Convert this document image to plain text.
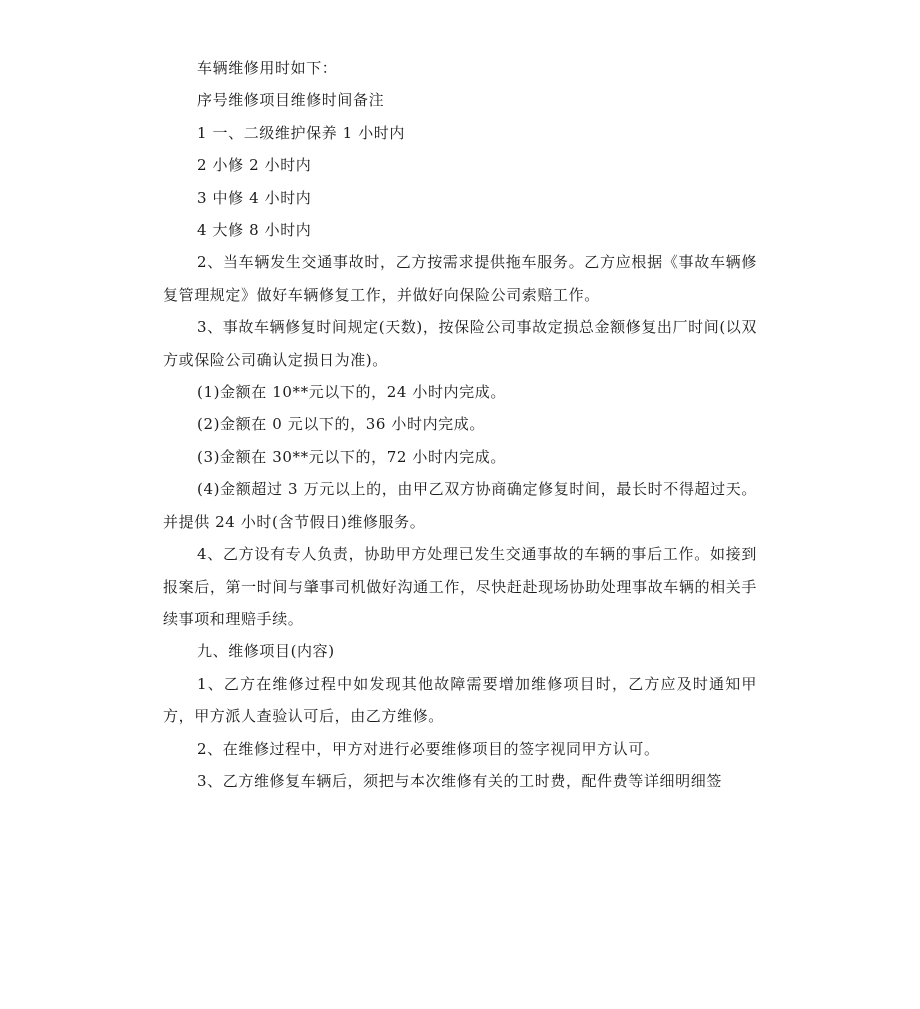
车辆维修用时如下：

序号维修项目维修时间备注

1 一、二级维护保养 1 小时内

2 小修 2 小时内

3 中修 4 小时内

4 大修 8 小时内

2、当车辆发生交通事故时，乙方按需求提供拖车服务。乙方应根据《事故车辆修复管理规定》做好车辆修复工作，并做好向保险公司索赔工作。

3、事故车辆修复时间规定(天数)，按保险公司事故定损总金额修复出厂时间(以双方或保险公司确认定损日为准)。

(1)金额在 10**元以下的，24 小时内完成。

(2)金额在 0 元以下的，36 小时内完成。

(3)金额在 30**元以下的，72 小时内完成。

(4)金额超过 3 万元以上的，由甲乙双方协商确定修复时间，最长时不得超过天。并提供 24 小时(含节假日)维修服务。

4、乙方设有专人负责，协助甲方处理已发生交通事故的车辆的事后工作。如接到报案后，第一时间与肇事司机做好沟通工作，尽快赶赴现场协助处理事故车辆的相关手续事项和理赔手续。

九、维修项目(内容)

1、乙方在维修过程中如发现其他故障需要增加维修项目时，乙方应及时通知甲方，甲方派人查验认可后，由乙方维修。

2、在维修过程中，甲方对进行必要维修项目的签字视同甲方认可。

3、乙方维修复车辆后，须把与本次维修有关的工时费，配件费等详细明细签
